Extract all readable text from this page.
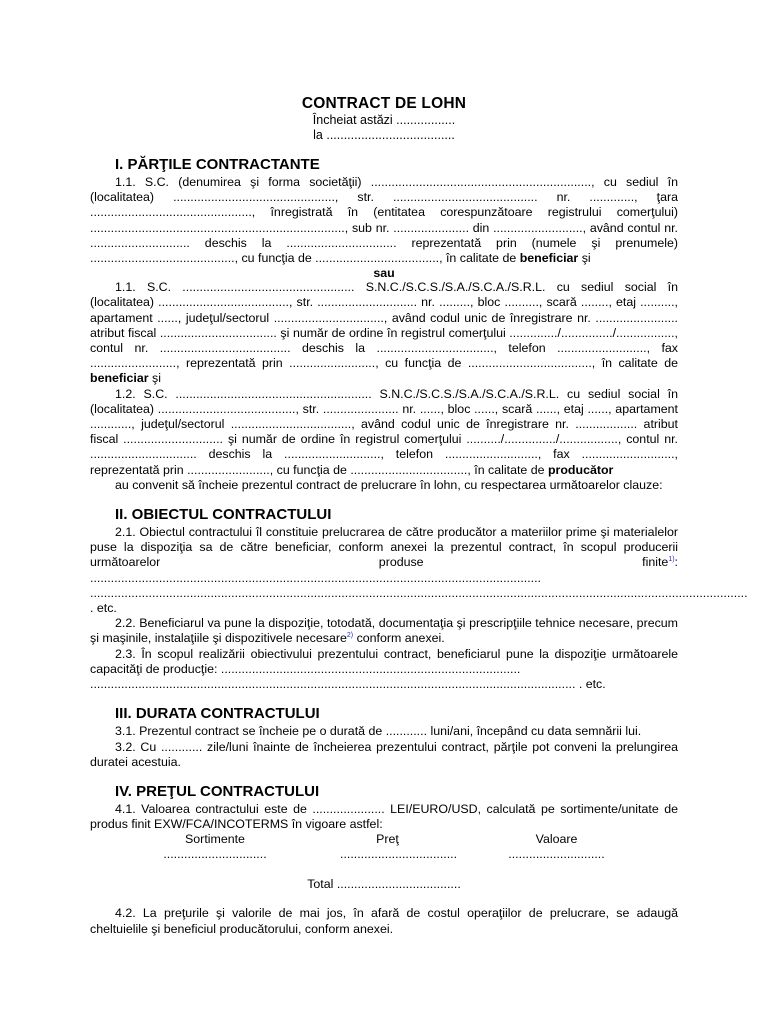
CONTRACT DE LOHN
Încheiat astăzi .................
la .....................................
I. PĂRŢILE CONTRACTANTE

1.1. S.C. (denumirea şi forma societăţii) ................................................................, cu sediul în (localitatea) ..............................................., str. .......................................... nr. ............., ţara ..............................................., înregistrată în (entitatea corespunzătoare registrului comerţului) .........................................................................., sub nr. ...................... din .........................., având contul nr. ............................. deschis la ................................ reprezentată prin (numele şi prenumele) .........................................., cu funcţia de ...................................., în calitate de beneficiar şi

sau

1.1. S.C. .................................................. S.N.C./S.C.S./S.A./S.C.A./S.R.L. cu sediul social în (localitatea) ......................................, str. ............................. nr. ........., bloc .........., scară ........, etaj .........., apartament ......, judeţul/sectorul ................................, având codul unic de înregistrare nr. ........................ atribut fiscal .................................. şi număr de ordine în registrul comerţului ............../.............../................., contul nr. ...................................... deschis la .................................., telefon .........................., fax ........................., reprezentată prin ........................., cu funcţia de ...................................., în calitate de beneficiar şi

1.2. S.C. ......................................................... S.N.C./S.C.S./S.A./S.C.A./S.R.L. cu sediul social în (localitatea) ........................................, str. ...................... nr. ......, bloc ......, scară ......, etaj ......, apartament ............, judeţul/sectorul ..................................., având codul unic de înregistrare nr. .................. atribut fiscal ............................. şi număr de ordine în registrul comerţului ........../.............../................., contul nr. ............................... deschis la ............................, telefon ..........................., fax ..........................., reprezentată prin ........................, cu funcţia de .................................., în calitate de producător

au convenit să încheie prezentul contract de prelucrare în lohn, cu respectarea următoarelor clauze:

II. OBIECTUL CONTRACTULUI

2.1. Obiectul contractului îl constituie prelucrarea de către producător a materiilor prime şi materialelor puse la dispoziţia sa de către beneficiar, conform anexei la prezentul contract, în scopul producerii următoarelor produse finite$^{1)}$: ................................................................................................................................... ............................................................................................................................................................................................... . etc.

2.2. Beneficiarul va pune la dispoziţie, totodată, documentaţia şi prescripţiile tehnice necesare, precum şi maşinile, instalaţiile şi dispozitivele necesare$^{2)}$ conform anexei.

2.3. În scopul realizării obiectivului prezentului contract, beneficiarul pune la dispoziţie următoarele capacităţi de producţie: .......................................................................................

............................................................................................................................................. . etc.

III. DURATA CONTRACTULUI

3.1. Prezentul contract se încheie pe o durată de ............ luni/ani, începând cu data semnării lui.

3.2. Cu ............ zile/luni înainte de încheierea prezentului contract, părţile pot conveni la prelungirea duratei acestuia.

IV. PREŢUL CONTRACTULUI

4.1. Valoarea contractului este de ..................... LEI/EURO/USD, calculată pe sortimente/unitate de produs finit EXW/FCA/INCOTERMS în vigoare astfel:

Sortimente	Preţ	Valoare
..............................	..................................	............................
Total ....................................

4.2. La preţurile şi valorile de mai jos, în afară de costul operaţiilor de prelucrare, se adaugă cheltuielile şi beneficiul producătorului, conform anexei.
